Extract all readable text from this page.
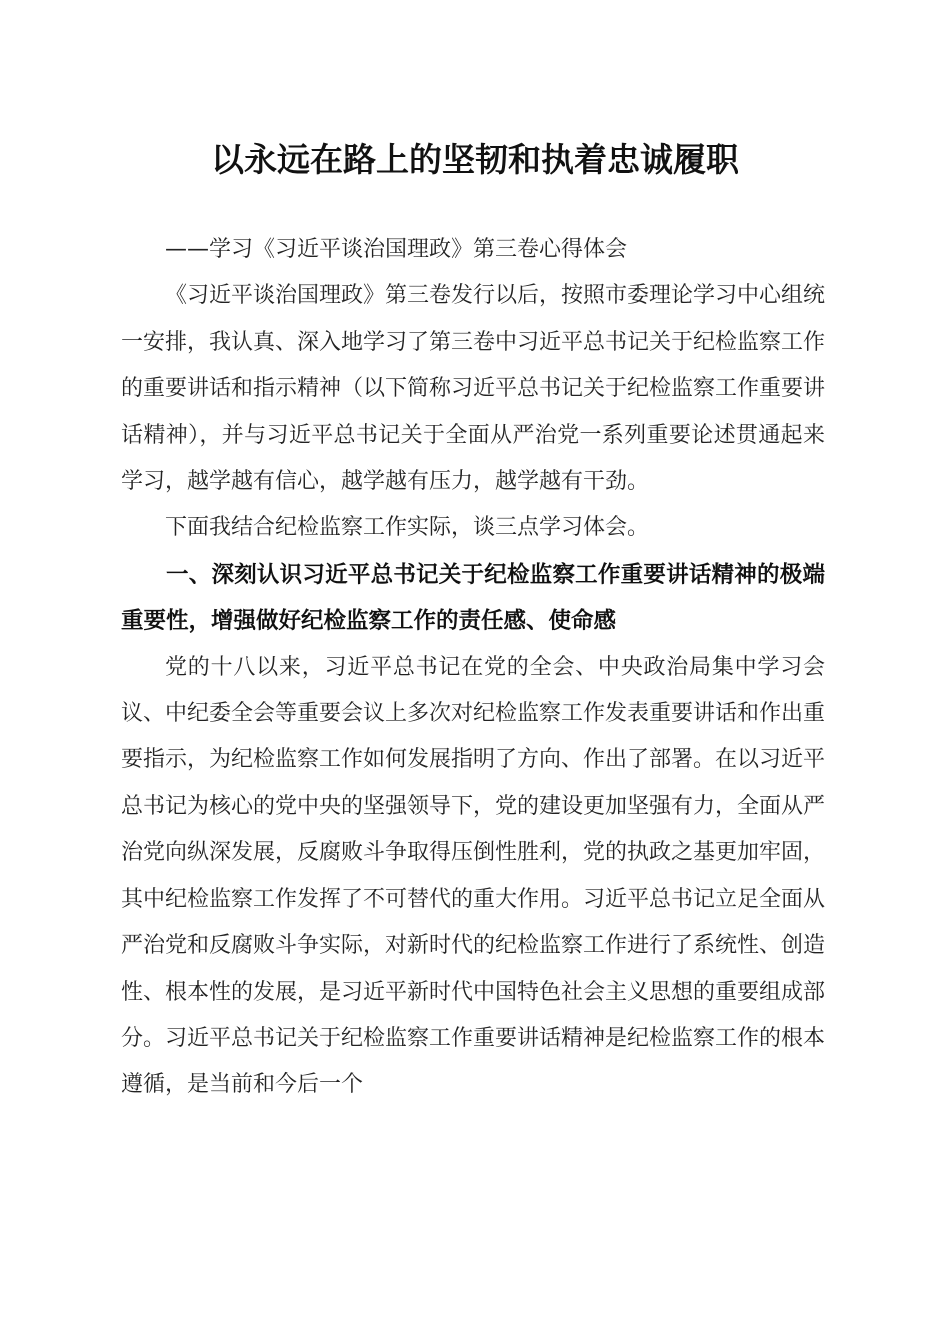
以永远在路上的坚韧和执着忠诚履职

——学习《习近平谈治国理政》第三卷心得体会

《习近平谈治国理政》第三卷发行以后，按照市委理论学习中心组统一安排，我认真、深入地学习了第三卷中习近平总书记关于纪检监察工作的重要讲话和指示精神（以下简称习近平总书记关于纪检监察工作重要讲话精神），并与习近平总书记关于全面从严治党一系列重要论述贯通起来学习，越学越有信心，越学越有压力，越学越有干劲。

下面我结合纪检监察工作实际，谈三点学习体会。

一、深刻认识习近平总书记关于纪检监察工作重要讲话精神的极端重要性，增强做好纪检监察工作的责任感、使命感

党的十八以来，习近平总书记在党的全会、中央政治局集中学习会议、中纪委全会等重要会议上多次对纪检监察工作发表重要讲话和作出重要指示，为纪检监察工作如何发展指明了方向、作出了部署。在以习近平总书记为核心的党中央的坚强领导下，党的建设更加坚强有力，全面从严治党向纵深发展，反腐败斗争取得压倒性胜利，党的执政之基更加牢固，其中纪检监察工作发挥了不可替代的重大作用。习近平总书记立足全面从严治党和反腐败斗争实际，对新时代的纪检监察工作进行了系统性、创造性、根本性的发展，是习近平新时代中国特色社会主义思想的重要组成部分。习近平总书记关于纪检监察工作重要讲话精神是纪检监察工作的根本遵循，是当前和今后一个
